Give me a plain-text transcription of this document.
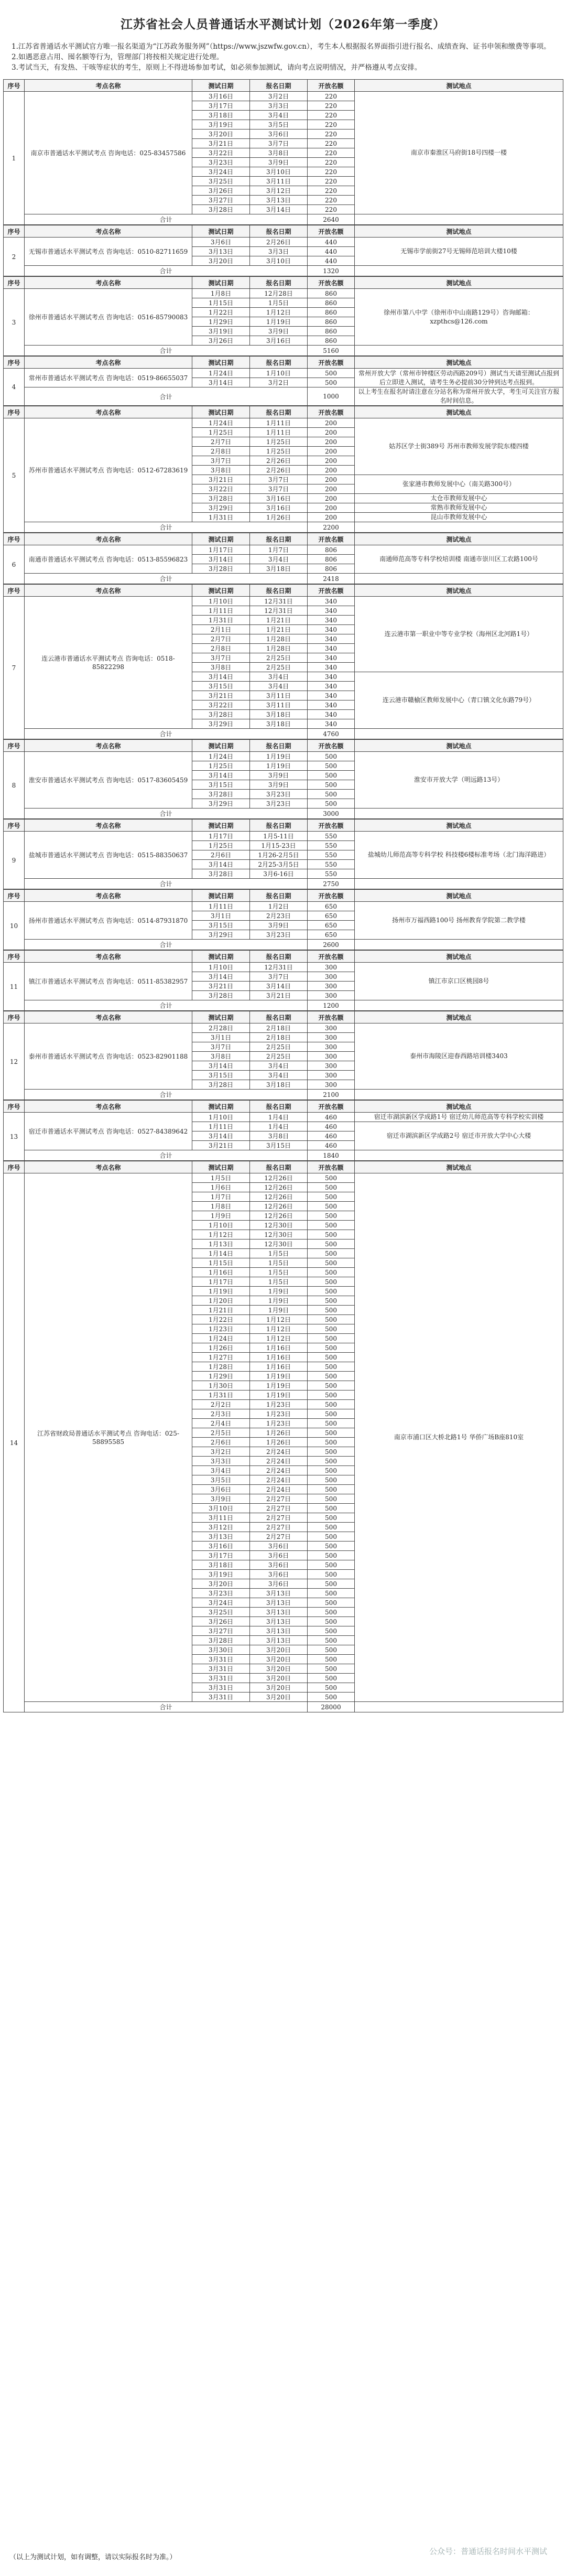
江苏省社会人员普通话水平测试计划（2026年第一季度）

1.江苏省普通话水平测试官方唯一报名渠道为“江苏政务服务网”（https://www.jszwfw.gov.cn），考生本人根据报名界面指引进行报名、成绩查询、证书申领和缴费等事项。

2.如遇恶意占用、囤名额等行为，管理部门将按相关规定进行处理。

3.考试当天，有发热、干咳等症状的考生，原则上不得进场参加考试，如必须参加测试，请向考点说明情况，并严格遵从考点安排。

序号	考点名称	测试日期	报名日期	开放名额	测试地点
1	南京市普通话水平测试考点 咨询电话：025-83457586	3月16日	3月2日	220	南京市秦淮区马府街18号四楼一楼
		3月17日	3月3日	220	
		3月18日	3月4日	220	
		3月19日	3月5日	220	
		3月20日	3月6日	220	
		3月21日	3月7日	220	
		3月22日	3月8日	220	
		3月23日	3月9日	220	
		3月24日	3月10日	220	
		3月25日	3月11日	220	
		3月26日	3月12日	220	
		3月27日	3月13日	220	
		3月28日	3月14日	220	
	合计			2640	
序号	考点名称	测试日期	报名日期	开放名额	测试地点
2	无锡市普通话水平测试考点 咨询电话：0510-82711659	3月6日	2月26日	440	无锡市学前街27号无锡师范培训大楼10楼
		3月13日	3月3日	440	
		3月20日	3月10日	440	
	合计			1320	
序号	考点名称	测试日期	报名日期	开放名额	测试地点
3	徐州市普通话水平测试考点 咨询电话：0516-85790083	1月8日	12月28日	860	徐州市第八中学（徐州市中山南路129号）咨询邮箱：xzpthcs@126.com
		1月15日	1月5日	860	
		1月22日	1月12日	860	
		1月29日	1月19日	860	
		3月19日	3月9日	860	
		3月26日	3月16日	860	
	合计			5160	
序号	考点名称	测试日期	报名日期	开放名额	测试地点
4	常州市普通话水平测试考点 咨询电话：0519-86655037	1月24日	1月10日	500	常州开放大学（常州市钟楼区劳动西路209号）测试当天请至测试点报到后立即进入测试，请考生务必提前30分钟到达考点报到。
		3月14日	3月2日	500	
	合计			1000	以上考生在报名时请注意在分站名称为常州开放大学，考生可关注官方报名时间信息。
序号	考点名称	测试日期	报名日期	开放名额	测试地点
5	苏州市普通话水平测试考点 咨询电话：0512-67283619	1月24日	1月11日	200	姑苏区学士街389号 苏州市教师发展学院东楼四楼
		1月25日	1月11日	200	
		2月7日	1月25日	200	
		2月8日	1月25日	200	
		3月7日	2月26日	200	
		3月8日	2月26日	200	
		3月21日	3月7日	200	张家港市教师发展中心（南关路300号）
		3月22日	3月7日	200	
		3月28日	3月16日	200	太仓市教师发展中心
		3月29日	3月16日	200	常熟市教师发展中心
		1月31日	1月26日	200	昆山市教师发展中心
	合计			2200	
序号	考点名称	测试日期	报名日期	开放名额	测试地点
6	南通市普通话水平测试考点 咨询电话：0513-85596823	1月17日	1月7日	806	南通师范高等专科学校培训楼 南通市崇川区工农路100号
		3月14日	3月4日	806	
		3月28日	3月18日	806	
	合计			2418	
序号	考点名称	测试日期	报名日期	开放名额	测试地点
7	连云港市普通话水平测试考点 咨询电话：0518-85822298	1月10日	12月31日	340	连云港市第一职业中等专业学校（海州区北河路1号）
		1月11日	12月31日	340	
		1月31日	1月21日	340	
		2月1日	1月21日	340	
		2月7日	1月28日	340	
		2月8日	1月28日	340	
		3月7日	2月25日	340	
		3月8日	2月25日	340	
		3月14日	3月4日	340	连云港市赣榆区教师发展中心（青口镇文化东路79号）
		3月15日	3月4日	340	
		3月21日	3月11日	340	
		3月22日	3月11日	340	
		3月28日	3月18日	340	
		3月29日	3月18日	340	
	合计			4760	
序号	考点名称	测试日期	报名日期	开放名额	测试地点
8	淮安市普通话水平测试考点 咨询电话：0517-83605459	1月24日	1月19日	500	淮安市开放大学（明远路13号）
		1月25日	1月19日	500	
		3月14日	3月9日	500	
		3月15日	3月9日	500	
		3月28日	3月23日	500	
		3月29日	3月23日	500	
	合计			3000	
序号	考点名称	测试日期	报名日期	开放名额	测试地点
9	盐城市普通话水平测试考点 咨询电话：0515-88350637	1月17日	1月5-11日	550	盐城幼儿师范高等专科学校 科技楼6楼标准考场（北门海洋路进）
		1月25日	1月15-23日	550	
		2月6日	1月26-2月5日	550	
		3月14日	2月25-3月5日	550	
		3月28日	3月6-16日	550	
	合计			2750	
序号	考点名称	测试日期	报名日期	开放名额	测试地点
10	扬州市普通话水平测试考点 咨询电话：0514-87931870	1月11日	1月2日	650	扬州市万福西路100号 扬州教育学院第二教学楼
		3月1日	2月23日	650	
		3月15日	3月9日	650	
		3月29日	3月23日	650	
	合计			2600	
序号	考点名称	测试日期	报名日期	开放名额	测试地点
11	镇江市普通话水平测试考点 咨询电话：0511-85382957	1月10日	12月31日	300	镇江市京口区桃园8号
		3月14日	3月7日	300	
		3月21日	3月14日	300	
		3月28日	3月21日	300	
	合计			1200	
序号	考点名称	测试日期	报名日期	开放名额	测试地点
12	泰州市普通话水平测试考点 咨询电话：0523-82901188	2月28日	2月18日	300	泰州市海陵区迎春西路培训楼3403
		3月1日	2月18日	300	
		3月7日	2月25日	300	
		3月8日	2月25日	300	
		3月14日	3月4日	300	
		3月15日	3月4日	300	
		3月28日	3月18日	300	
	合计			2100	
序号	考点名称	测试日期	报名日期	开放名额	测试地点
13	宿迁市普通话水平测试考点 咨询电话：0527-84389642	1月10日	1月4日	460	宿迁市湖滨新区学成路1号 宿迁幼儿师范高等专科学校实训楼
		1月11日	1月4日	460	宿迁市湖滨新区学成路2号 宿迁市开放大学中心大楼
		3月14日	3月8日	460	
		3月21日	3月15日	460	
	合计			1840	
序号	考点名称	测试日期	报名日期	开放名额	测试地点
14	江苏省财政局普通话水平测试考点 咨询电话：025-58895585	1月5日	12月26日	500	南京市浦口区大桥北路1号 华侨广场B座810室
		1月6日	12月26日	500	
		1月7日	12月26日	500	
		1月8日	12月26日	500	
		1月9日	12月26日	500	
		1月10日	12月30日	500	
		1月12日	12月30日	500	
		1月13日	12月30日	500	
		1月14日	1月5日	500	
		1月15日	1月5日	500	
		1月16日	1月5日	500	
		1月17日	1月5日	500	
		1月19日	1月9日	500	
		1月20日	1月9日	500	
		1月21日	1月9日	500	
		1月22日	1月12日	500	
		1月23日	1月12日	500	
		1月24日	1月12日	500	
		1月26日	1月16日	500	
		1月27日	1月16日	500	
		1月28日	1月16日	500	
		1月29日	1月19日	500	
		1月30日	1月19日	500	
		1月31日	1月19日	500	
		2月2日	1月23日	500	
		2月3日	1月23日	500	
		2月4日	1月23日	500	
		2月5日	1月26日	500	
		2月6日	1月26日	500	
		3月2日	2月24日	500	
		3月3日	2月24日	500	
		3月4日	2月24日	500	
		3月5日	2月24日	500	
		3月6日	2月24日	500	
		3月9日	2月27日	500	
		3月10日	2月27日	500	
		3月11日	2月27日	500	
		3月12日	2月27日	500	
		3月13日	2月27日	500	
		3月16日	3月6日	500	
		3月17日	3月6日	500	
		3月18日	3月6日	500	
		3月19日	3月6日	500	
		3月20日	3月6日	500	
		3月23日	3月13日	500	
		3月24日	3月13日	500	
		3月25日	3月13日	500	
		3月26日	3月13日	500	
		3月27日	3月13日	500	
		3月28日	3月13日	500	
		3月30日	3月20日	500	
		3月31日	3月20日	500	
		3月31日	3月20日	500	
		3月31日	3月20日	500	
		3月31日	3月20日	500	
		3月31日	3月20日	500	
	合计			28000	
（以上为测试计划，如有调整，请以实际报名时为准。）
公众号：普通话报名时间水平测试
